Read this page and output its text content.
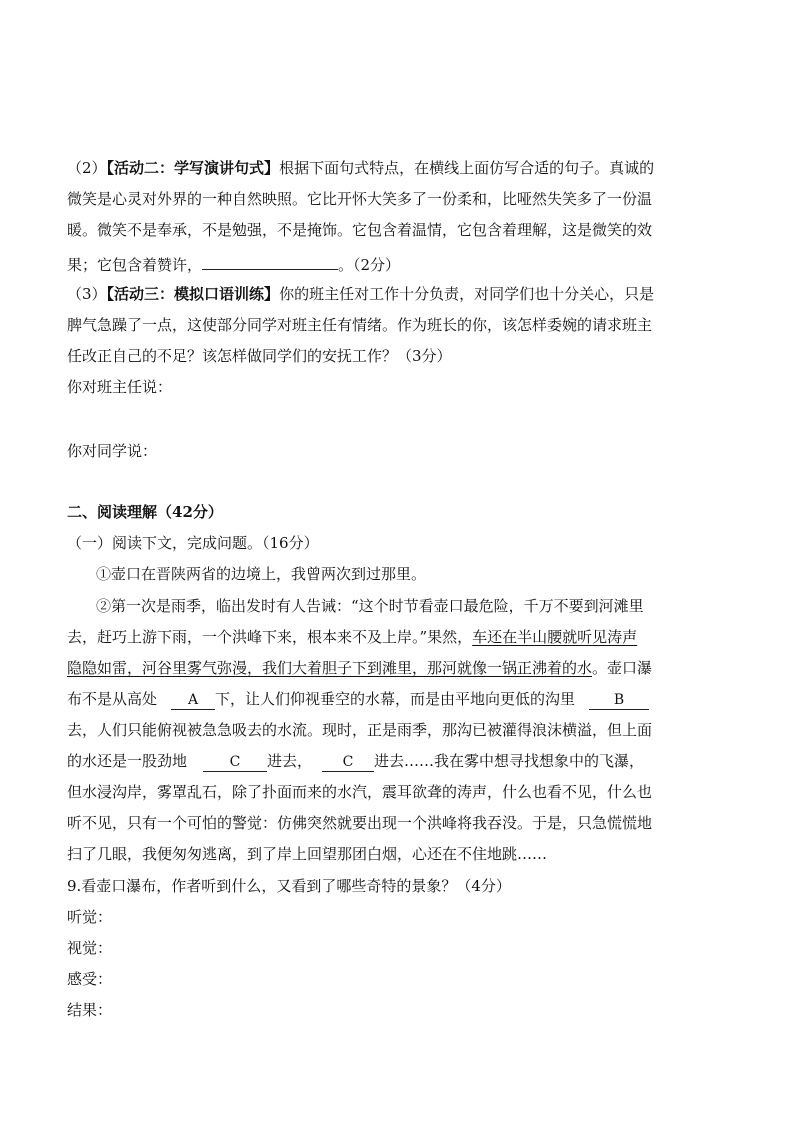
（2）【活动二：学写演讲句式】根据下面句式特点，在横线上面仿写合适的句子。真诚的
微笑是心灵对外界的一种自然映照。它比开怀大笑多了一份柔和，比哑然失笑多了一份温
暖。微笑不是奉承，不是勉强，不是掩饰。它包含着温情，它包含着理解，这是微笑的效
果；它包含着赞许，	。（2分）
（3）【活动三：模拟口语训练】你的班主任对工作十分负责，对同学们也十分关心，只是
脾气急躁了一点，这使部分同学对班主任有情绪。作为班长的你，该怎样委婉的请求班主
任改正自己的不足？该怎样做同学们的安抚工作？（3分）
你对班主任说：
你对同学说：
二、阅读理解（42分）
（一）阅读下文，完成问题。（16分）
①壶口在晋陕两省的边境上，我曾两次到过那里。
②第一次是雨季，临出发时有人告诫：“这个时节看壶口最危险，千万不要到河滩里
去，赶巧上游下雨，一个洪峰下来，根本来不及上岸。”果然，车还在半山腰就听见涛声
隐隐如雷，河谷里雾气弥漫，我们大着胆子下到滩里，那河就像一锅正沸着的水。壶口瀑
布不是从高处 A 下，让人们仰视垂空的水幕，而是由平地向更低的沟里	B
去，人们只能俯视被急急吸去的水流。现时，正是雨季，那沟已被灌得浪沫横溢，但上面
的水还是一股劲地	C 进去， C 进去……我在雾中想寻找想象中的飞瀑，
但水浸沟岸，雾罩乱石，除了扑面而来的水汽，震耳欲聋的涛声，什么也看不见，什么也
听不见，只有一个可怕的警觉：仿佛突然就要出现一个洪峰将我吞没。于是，只急慌慌地
扫了几眼，我便匆匆逃离，到了岸上回望那团白烟，心还在不住地跳……
9.看壶口瀑布，作者听到什么，又看到了哪些奇特的景象？（4分）
听觉：
视觉：
感受：
结果：
